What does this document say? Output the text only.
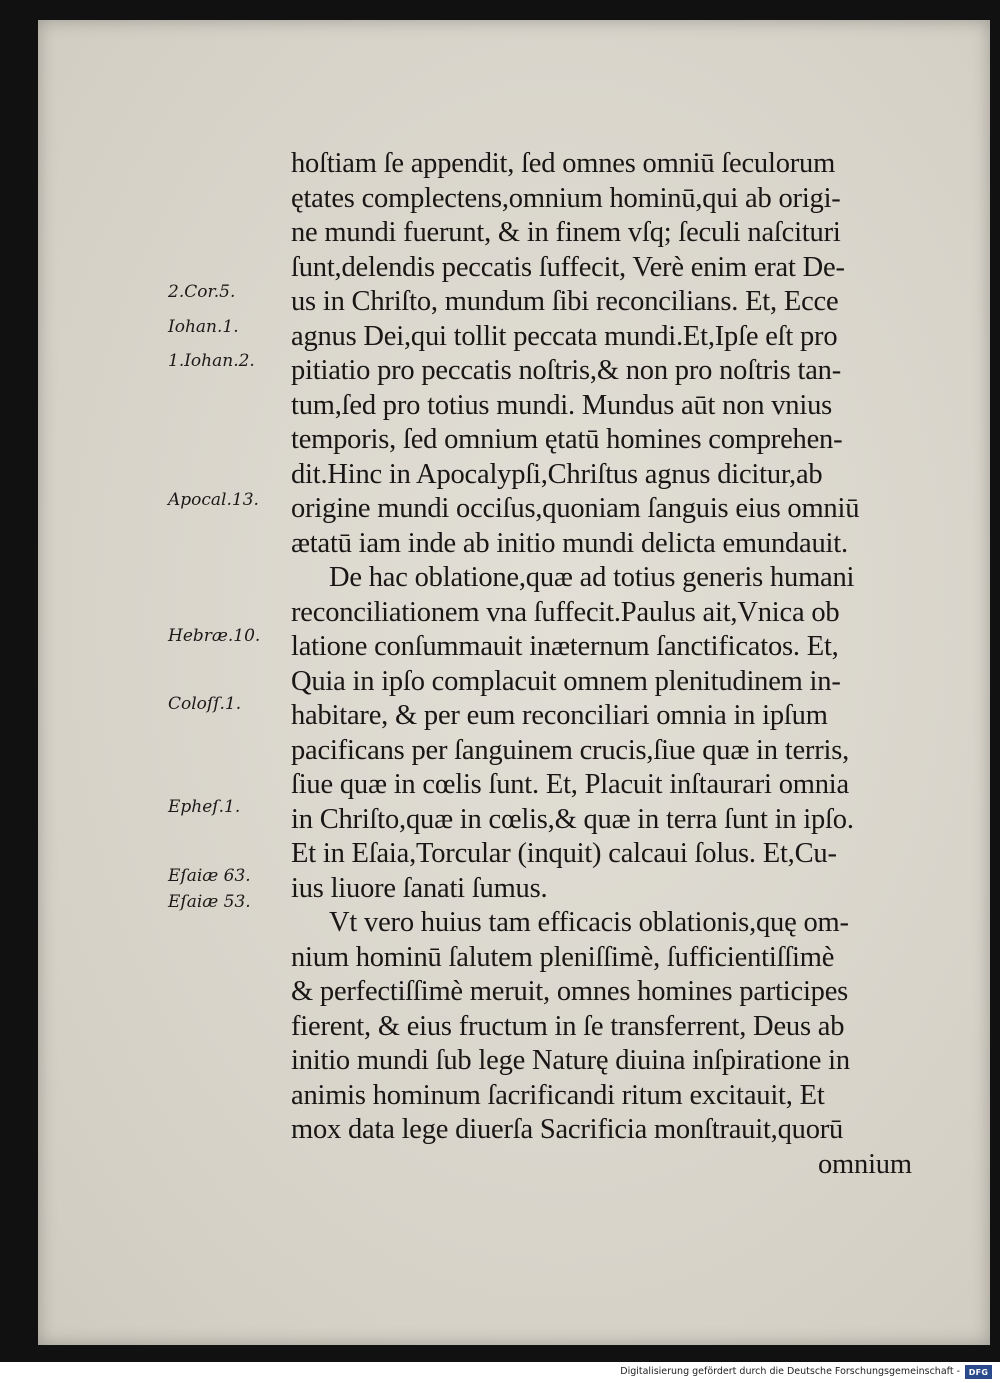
2.Cor.5.
Iohan.1.
1.Iohan.2.
Apocal.13.
Hebræ.10.
Coloſſ.1.
Epheſ.1.
Eſaiæ 63.
Eſaiæ 53.
hoſtiam ſe appendit, ſed omnes omniū ſeculorum
ętates complectens,omnium hominū,qui ab origi-
ne mundi fuerunt, & in finem vſq; ſeculi naſcituri
ſunt,delendis peccatis ſuffecit, Verè enim erat De-
us in Chriſto, mundum ſibi reconcilians. Et, Ecce
agnus Dei,qui tollit peccata mundi.Et,Ipſe eſt pro
pitiatio pro peccatis noſtris,& non pro noſtris tan-
tum,ſed pro totius mundi. Mundus aūt non vnius
temporis, ſed omnium ętatū homines comprehen-
dit.Hinc in Apocalypſi,Chriſtus agnus dicitur,ab
origine mundi occiſus,quoniam ſanguis eius omniū
ætatū iam inde ab initio mundi delicta emundauit.
De hac oblatione,quæ ad totius generis humani
reconciliationem vna ſuffecit.Paulus ait,Vnica ob
latione conſummauit inæternum ſanctificatos. Et,
Quia in ipſo complacuit omnem plenitudinem in-
habitare, & per eum reconciliari omnia in ipſum
pacificans per ſanguinem crucis,ſiue quæ in terris,
ſiue quæ in cœlis ſunt. Et, Placuit inſtaurari omnia
in Chriſto,quæ in cœlis,& quæ in terra ſunt in ipſo.
Et in Eſaia,Torcular (inquit) calcaui ſolus. Et,Cu-
ius liuore ſanati ſumus.
Vt vero huius tam efficacis oblationis,quę om-
nium hominū ſalutem pleniſſimè, ſufficientiſſimè
& perfectiſſimè meruit, omnes homines participes
fierent, & eius fructum in ſe transferrent, Deus ab
initio mundi ſub lege Naturę diuina inſpiratione in
animis hominum ſacrificandi ritum excitauit, Et
mox data lege diuerſa Sacrificia monſtrauit,quorū
omnium
Digitalisierung gefördert durch die Deutsche Forschungsgemeinschaft -	DFG
